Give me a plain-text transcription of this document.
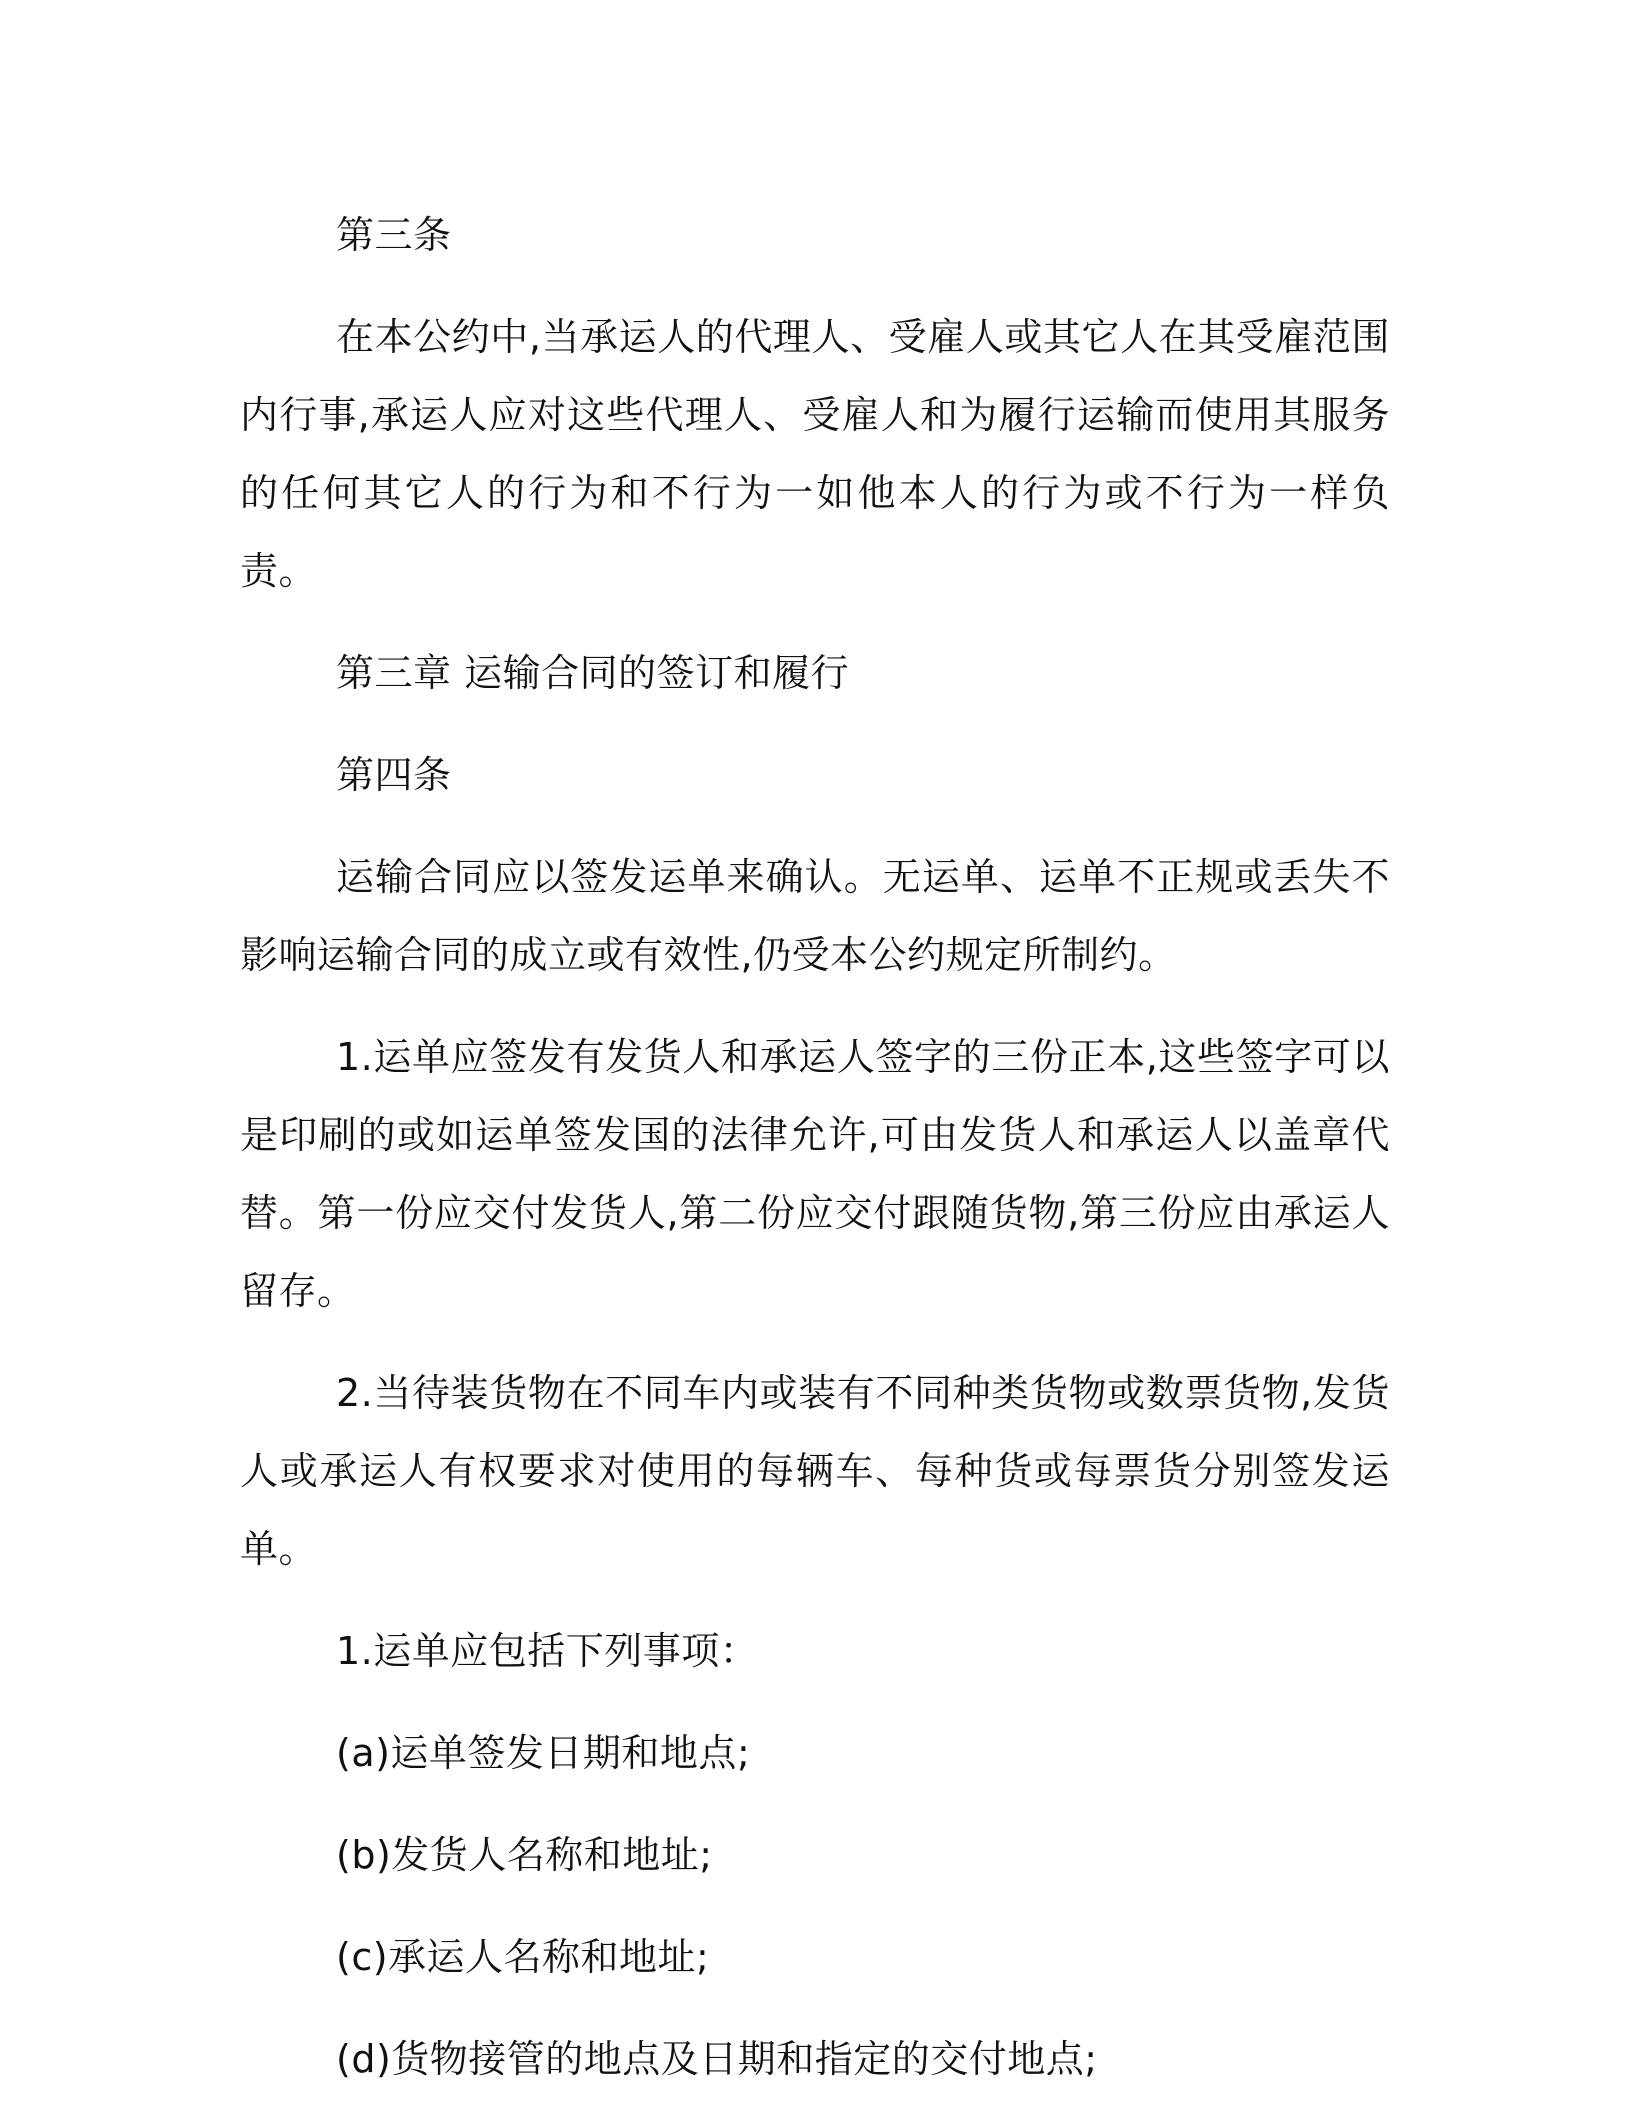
第三条

在本公约中,当承运人的代理人、受雇人或其它人在其受雇范围内行事,承运人应对这些代理人、受雇人和为履行运输而使用其服务的任何其它人的行为和不行为一如他本人的行为或不行为一样负责。

第三章 运输合同的签订和履行

第四条

运输合同应以签发运单来确认。无运单、运单不正规或丢失不影响运输合同的成立或有效性,仍受本公约规定所制约。

1.运单应签发有发货人和承运人签字的三份正本,这些签字可以是印刷的或如运单签发国的法律允许,可由发货人和承运人以盖章代替。第一份应交付发货人,第二份应交付跟随货物,第三份应由承运人留存。

2.当待装货物在不同车内或装有不同种类货物或数票货物,发货人或承运人有权要求对使用的每辆车、每种货或每票货分别签发运单。

1.运单应包括下列事项：

(a)运单签发日期和地点;

(b)发货人名称和地址;

(c)承运人名称和地址;

(d)货物接管的地点及日期和指定的交付地点;
